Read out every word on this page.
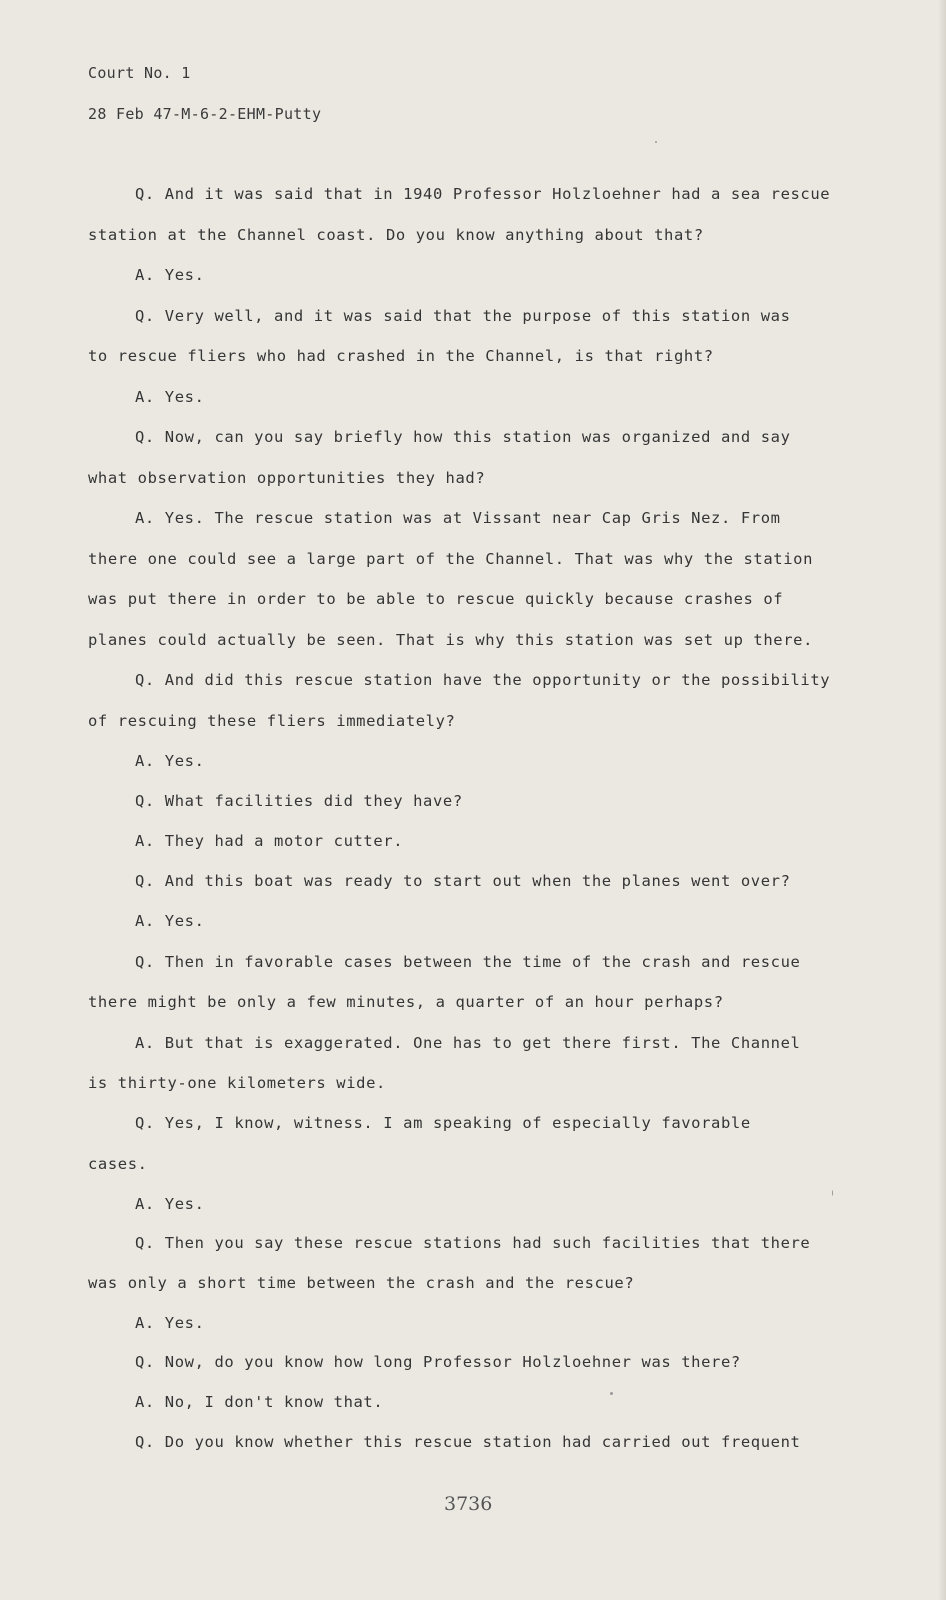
Court No. 1
28 Feb 47-M-6-2-EHM-Putty
Q. And it was said that in 1940 Professor Holzloehner had a sea rescue
station at the Channel coast. Do you know anything about that?
A. Yes.
Q. Very well, and it was said that the purpose of this station was
to rescue fliers who had crashed in the Channel, is that right?
A. Yes.
Q. Now, can you say briefly how this station was organized and say
what observation opportunities they had?
A. Yes. The rescue station was at Vissant near Cap Gris Nez. From
there one could see a large part of the Channel. That was why the station
was put there in order to be able to rescue quickly because crashes of
planes could actually be seen. That is why this station was set up there.
Q. And did this rescue station have the opportunity or the possibility
of rescuing these fliers immediately?
A. Yes.
Q. What facilities did they have?
A. They had a motor cutter.
Q. And this boat was ready to start out when the planes went over?
A. Yes.
Q. Then in favorable cases between the time of the crash and rescue
there might be only a few minutes, a quarter of an hour perhaps?
A. But that is exaggerated. One has to get there first. The Channel
is thirty-one kilometers wide.
Q. Yes, I know, witness. I am speaking of especially favorable
cases.
A. Yes.
Q. Then you say these rescue stations had such facilities that there
was only a short time between the crash and the rescue?
A. Yes.
Q. Now, do you know how long Professor Holzloehner was there?
A. No, I don't know that.
Q. Do you know whether this rescue station had carried out frequent
3736
